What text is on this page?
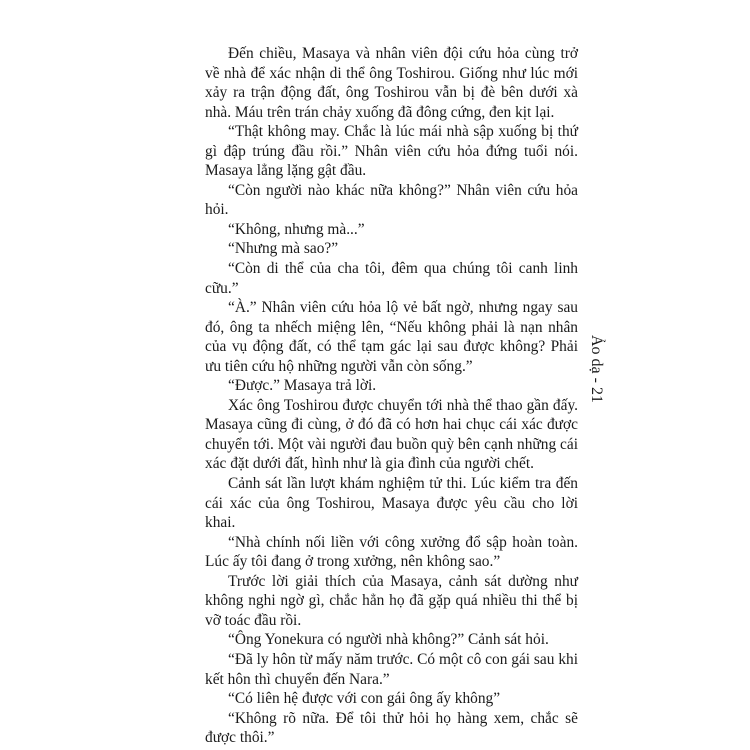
Đến chiều, Masaya và nhân viên đội cứu hỏa cùng trở về nhà để xác nhận di thể ông Toshirou. Giống như lúc mới xảy ra trận động đất, ông Toshirou vẫn bị đè bên dưới xà nhà. Máu trên trán chảy xuống đã đông cứng, đen kịt lại.

“Thật không may. Chắc là lúc mái nhà sập xuống bị thứ gì đập trúng đầu rồi.” Nhân viên cứu hỏa đứng tuổi nói. Masaya lẳng lặng gật đầu.

“Còn người nào khác nữa không?” Nhân viên cứu hỏa hỏi.

“Không, nhưng mà...”

“Nhưng mà sao?”

“Còn di thể của cha tôi, đêm qua chúng tôi canh linh cữu.”

“À.” Nhân viên cứu hỏa lộ vẻ bất ngờ, nhưng ngay sau đó, ông ta nhếch miệng lên, “Nếu không phải là nạn nhân của vụ động đất, có thể tạm gác lại sau được không? Phải ưu tiên cứu hộ những người vẫn còn sống.”

“Được.” Masaya trả lời.

Xác ông Toshirou được chuyển tới nhà thể thao gần đấy. Masaya cũng đi cùng, ở đó đã có hơn hai chục cái xác được chuyển tới. Một vài người đau buồn quỳ bên cạnh những cái xác đặt dưới đất, hình như là gia đình của người chết.

Cảnh sát lần lượt khám nghiệm tử thi. Lúc kiểm tra đến cái xác của ông Toshirou, Masaya được yêu cầu cho lời khai.

“Nhà chính nối liền với công xưởng đổ sập hoàn toàn. Lúc ấy tôi đang ở trong xưởng, nên không sao.”

Trước lời giải thích của Masaya, cảnh sát dường như không nghi ngờ gì, chắc hẳn họ đã gặp quá nhiều thi thể bị vỡ toác đầu rồi.

“Ông Yonekura có người nhà không?” Cảnh sát hỏi.

“Đã ly hôn từ mấy năm trước. Có một cô con gái sau khi kết hôn thì chuyển đến Nara.”

“Có liên hệ được với con gái ông ấy không”

“Không rõ nữa. Để tôi thử hỏi họ hàng xem, chắc sẽ được thôi.”

Ảo dạ - 21
